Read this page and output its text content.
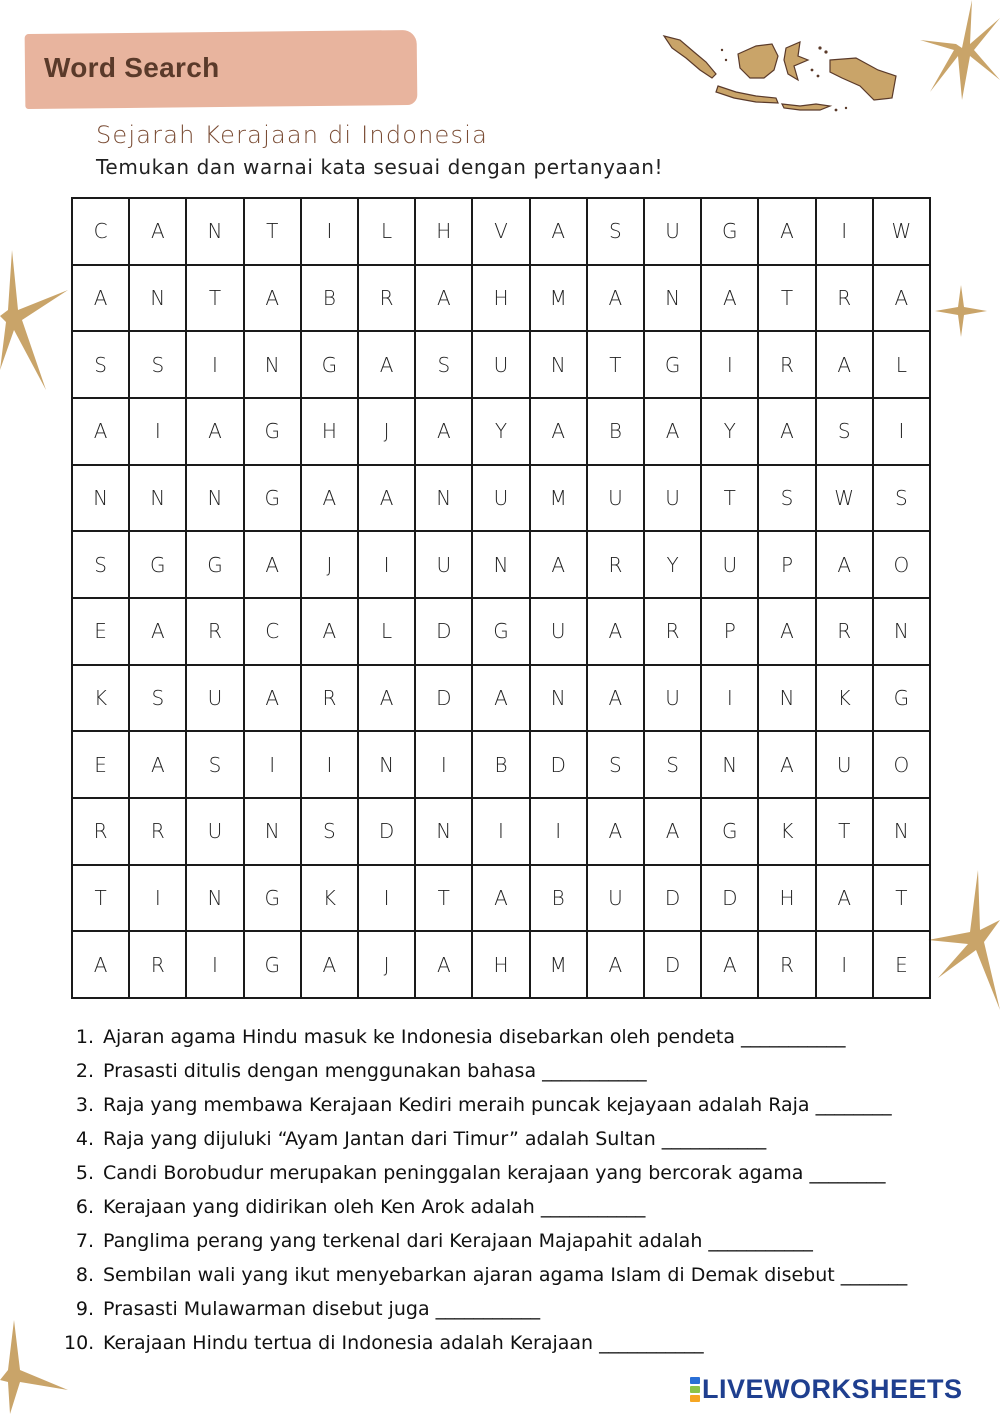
Word Search
Sejarah Kerajaan di Indonesia
Temukan dan warnai kata sesuai dengan pertanyaan!
C	A	N	T	I	L	H	V	A	S	U	G	A	I	W
A	N	T	A	B	R	A	H	M	A	N	A	T	R	A
S	S	I	N	G	A	S	U	N	T	G	I	R	A	L
A	I	A	G	H	J	A	Y	A	B	A	Y	A	S	I
N	N	N	G	A	A	N	U	M	U	U	T	S	W	S
S	G	G	A	J	I	U	N	A	R	Y	U	P	A	O
E	A	R	C	A	L	D	G	U	A	R	P	A	R	N
K	S	U	A	R	A	D	A	N	A	U	I	N	K	G
E	A	S	I	I	N	I	B	D	S	S	N	A	U	O
R	R	U	N	S	D	N	I	I	A	A	G	K	T	N
T	I	N	G	K	I	T	A	B	U	D	D	H	A	T
A	R	I	G	A	J	A	H	M	A	D	A	R	I	E
1. Ajaran agama Hindu masuk ke Indonesia disebarkan oleh pendeta ___________
2. Prasasti ditulis dengan menggunakan bahasa ___________
3. Raja yang membawa Kerajaan Kediri meraih puncak kejayaan adalah Raja ________
4. Raja yang dijuluki “Ayam Jantan dari Timur” adalah Sultan ___________
5. Candi Borobudur merupakan peninggalan kerajaan yang bercorak agama ________
6. Kerajaan yang didirikan oleh Ken Arok adalah ___________
7. Panglima perang yang terkenal dari Kerajaan Majapahit adalah ___________
8. Sembilan wali yang ikut menyebarkan ajaran agama Islam di Demak disebut _______
9. Prasasti Mulawarman disebut juga ___________
10. Kerajaan Hindu tertua di Indonesia adalah Kerajaan ___________
LIVEWORKSHEETS
